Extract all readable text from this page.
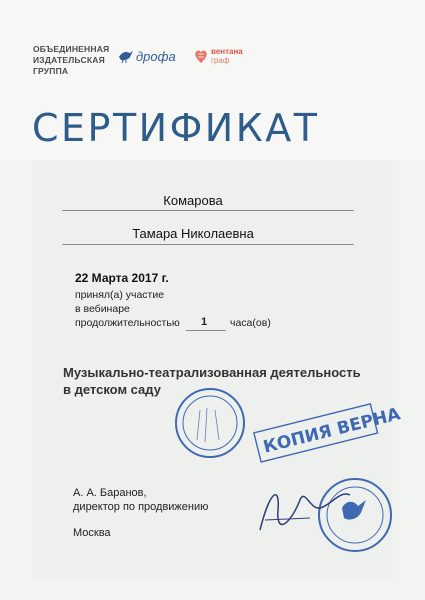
ОБЪЕДИНЕННАЯ
ИЗДАТЕЛЬСКАЯ
ГРУППА
дрофа	вентана
граф
СЕРТИФИКАТ
Комарова
Тамара Николаевна
22 Марта 2017 г.
принял(а) участие
в вебинаре
продолжительностью 1 часа(ов)
Музыкально-театрализованная деятельность в детском саду
КОПИЯ ВЕРНА
А. А. Баранов,
директор по продвижению
Москва
